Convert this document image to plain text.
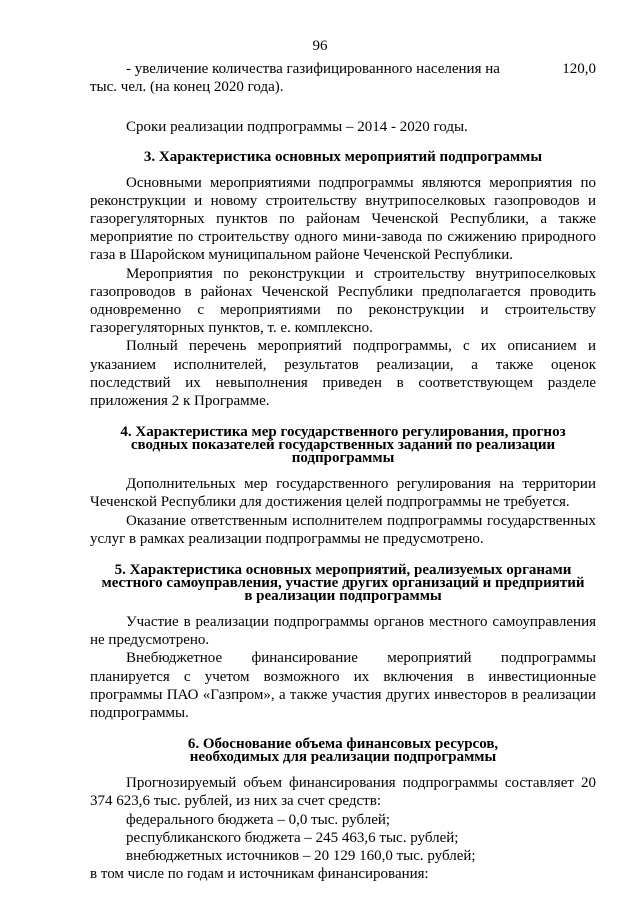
96
- увеличение количества газифицированного населения на	120,0

тыс. чел. (на конец 2020 года).

Сроки реализации подпрограммы – 2014 - 2020 годы.

3. Характеристика основных мероприятий подпрограммы

Основными мероприятиями подпрограммы являются мероприятия по реконструкции и новому строительству внутрипоселковых газопроводов и газорегуляторных пунктов по районам Чеченской Республики, а также мероприятие по строительству одного мини-завода по сжижению природного газа в Шаройском муниципальном районе Чеченской Республики.

Мероприятия по реконструкции и строительству внутрипоселковых газопроводов в районах Чеченской Республики предполагается проводить одновременно с мероприятиями по реконструкции и строительству газорегуляторных пунктов, т. е. комплексно.

Полный перечень мероприятий подпрограммы, с их описанием и указанием исполнителей, результатов реализации, а также оценок последствий их невыполнения приведен в соответствующем разделе приложения 2 к Программе.

4. Характеристика мер государственного регулирования, прогноз
сводных показателей государственных заданий по реализации
подпрограммы

Дополнительных мер государственного регулирования на территории Чеченской Республики для достижения целей подпрограммы не требуется.

Оказание ответственным исполнителем подпрограммы государственных услуг в рамках реализации подпрограммы не предусмотрено.

5. Характеристика основных мероприятий, реализуемых органами
местного самоуправления, участие других организаций и предприятий
в реализации подпрограммы

Участие в реализации подпрограммы органов местного самоуправления не предусмотрено.

Внебюджетное финансирование мероприятий подпрограммы планируется с учетом возможного их включения в инвестиционные программы ПАО «Газпром», а также участия других инвесторов в реализации подпрограммы.

6. Обоснование объема финансовых ресурсов,
необходимых для реализации подпрограммы

Прогнозируемый объем финансирования подпрограммы составляет 20 374 623,6 тыс. рублей, из них за счет средств:

федерального бюджета – 0,0 тыс. рублей;
республиканского бюджета – 245 463,6 тыс. рублей;
внебюджетных источников – 20 129 160,0 тыс. рублей;
в том числе по годам и источникам финансирования:
